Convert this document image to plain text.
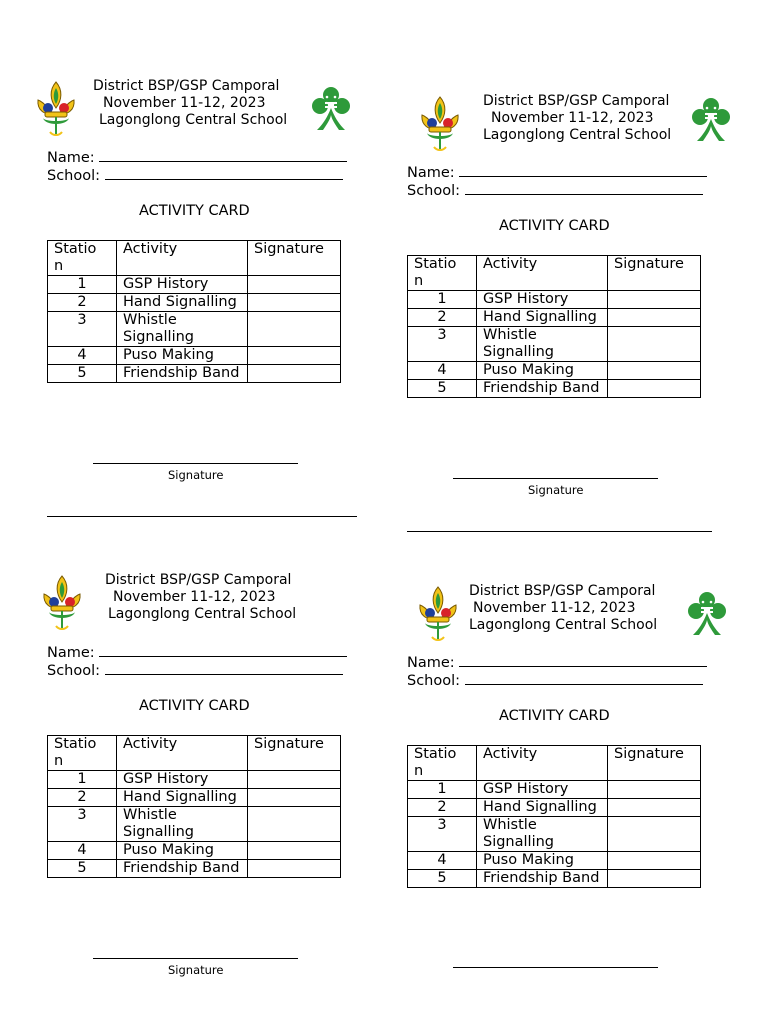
District BSP/GSP Camporal
November 11-12, 2023
Lagonglong Central School
Name:
School:
ACTIVITY CARD
Statio
n	Activity	Signature
1	GSP History	
2	Hand Signalling	
3	Whistle Signalling	
4	Puso Making	
5	Friendship Band	
Signature
District BSP/GSP Camporal
November 11-12, 2023
Lagonglong Central School
Name:
School:
ACTIVITY CARD
Statio
n	Activity	Signature
1	GSP History	
2	Hand Signalling	
3	Whistle Signalling	
4	Puso Making	
5	Friendship Band	
Signature
District BSP/GSP Camporal
November 11-12, 2023
Lagonglong Central School
Name:
School:
ACTIVITY CARD
Statio
n	Activity	Signature
1	GSP History	
2	Hand Signalling	
3	Whistle Signalling	
4	Puso Making	
5	Friendship Band	
Signature
District BSP/GSP Camporal
November 11-12, 2023
Lagonglong Central School
Name:
School:
ACTIVITY CARD
Statio
n	Activity	Signature
1	GSP History	
2	Hand Signalling	
3	Whistle Signalling	
4	Puso Making	
5	Friendship Band	
